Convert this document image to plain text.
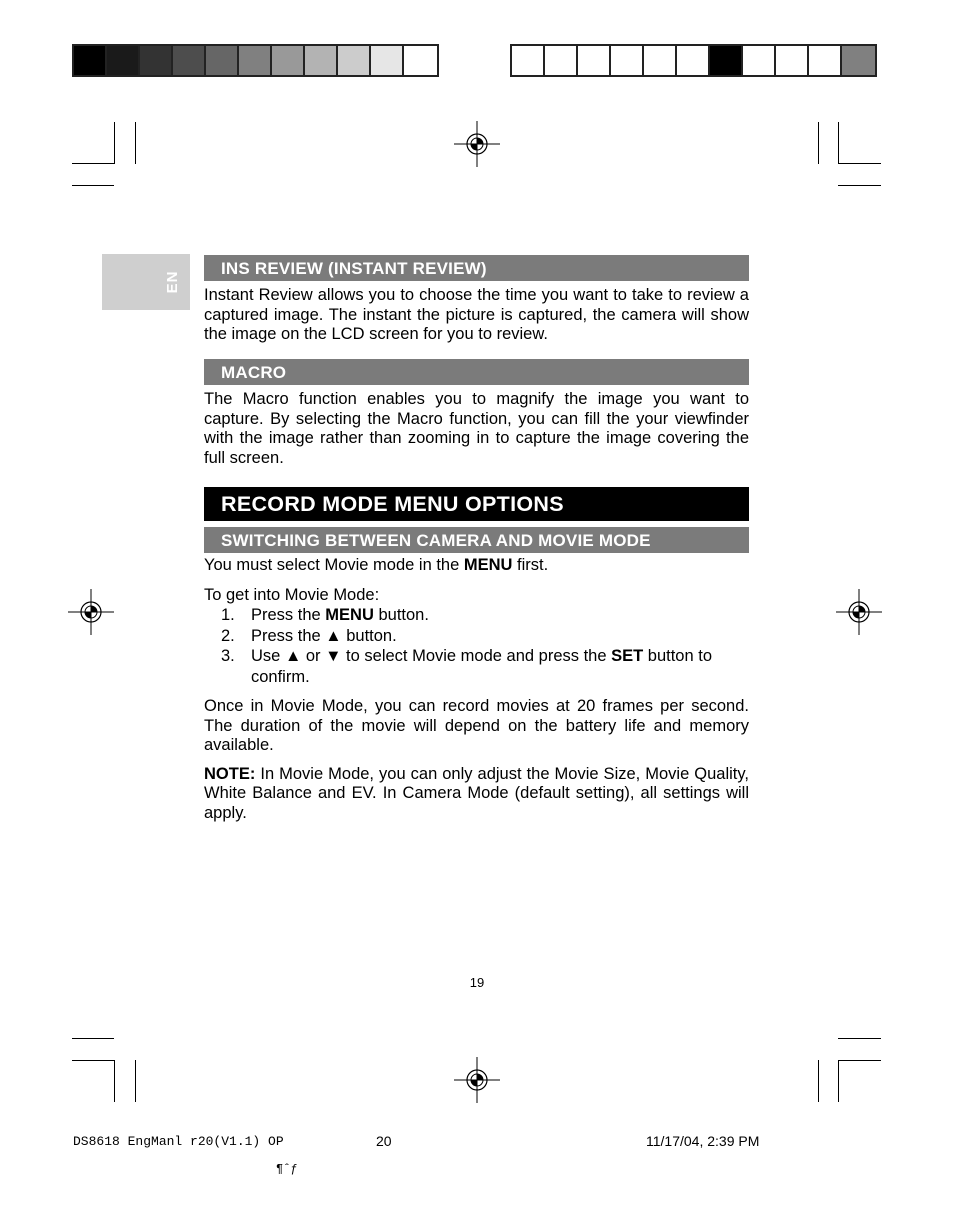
EN
INS REVIEW (INSTANT REVIEW)

Instant Review allows you to choose the time you want to take to review a captured image. The instant the picture is captured, the camera will show the image on the LCD screen for you to review.

MACRO

The Macro function enables you to magnify the image you want to capture. By selecting the Macro function, you can fill the your viewfinder with the image rather than zooming in to capture the image covering the full screen.

RECORD MODE MENU OPTIONS
SWITCHING BETWEEN CAMERA AND MOVIE MODE

You must select Movie mode in the MENU first.

To get into Movie Mode:

1. Press the MENU button.
2. Press the ▲ button.
3. Use ▲ or ▼ to select Movie mode and press the SET button to confirm.

Once in Movie Mode, you can record movies at 20 frames per second. The duration of the movie will depend on the battery life and memory available.

NOTE: In Movie Mode, you can only adjust the Movie Size, Movie Quality, White Balance and EV. In Camera Mode (default setting), all settings will apply.

19
DS8618 EngManl r20(V1.1) OP	20	11/17/04, 2:39 PM
¶ˆƒ
